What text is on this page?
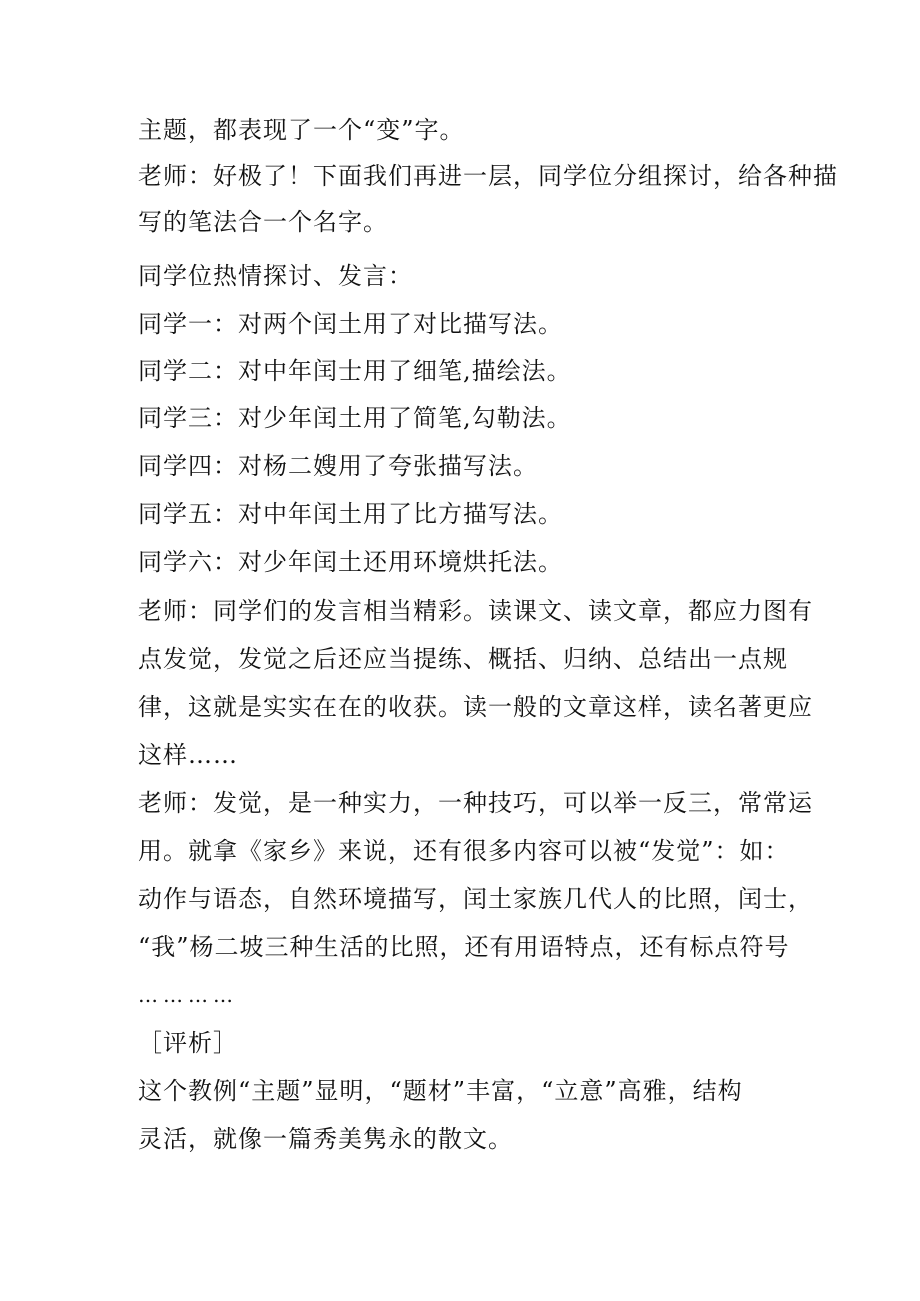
主题，都表现了一个“变”字。
老师：好极了！下面我们再进一层，同学位分组探讨，给各种描
写的笔法合一个名字。
同学位热情探讨、发言：
同学一：对两个闰土用了对比描写法。
同学二：对中年闰士用了细笔,描绘法。
同学三：对少年闰土用了简笔,勾勒法。
同学四：对杨二嫂用了夸张描写法。
同学五：对中年闰土用了比方描写法。
同学六：对少年闰土还用环境烘托法。
老师：同学们的发言相当精彩。读课文、读文章，都应力图有
点发觉，发觉之后还应当提练、概括、归纳、总结出一点规
律，这就是实实在在的收获。读一般的文章这样，读名著更应
这样……
老师：发觉，是一种实力，一种技巧，可以举一反三，常常运
用。就拿《家乡》来说，还有很多内容可以被“发觉”：如：
动作与语态，自然环境描写，闰土家族几代人的比照，闰士，
“我”杨二坡三种生活的比照，还有用语特点，还有标点符号
…………
［评析］
这个教例“主题”显明，“题材”丰富，“立意”高雅，结构
灵活，就像一篇秀美隽永的散文。
